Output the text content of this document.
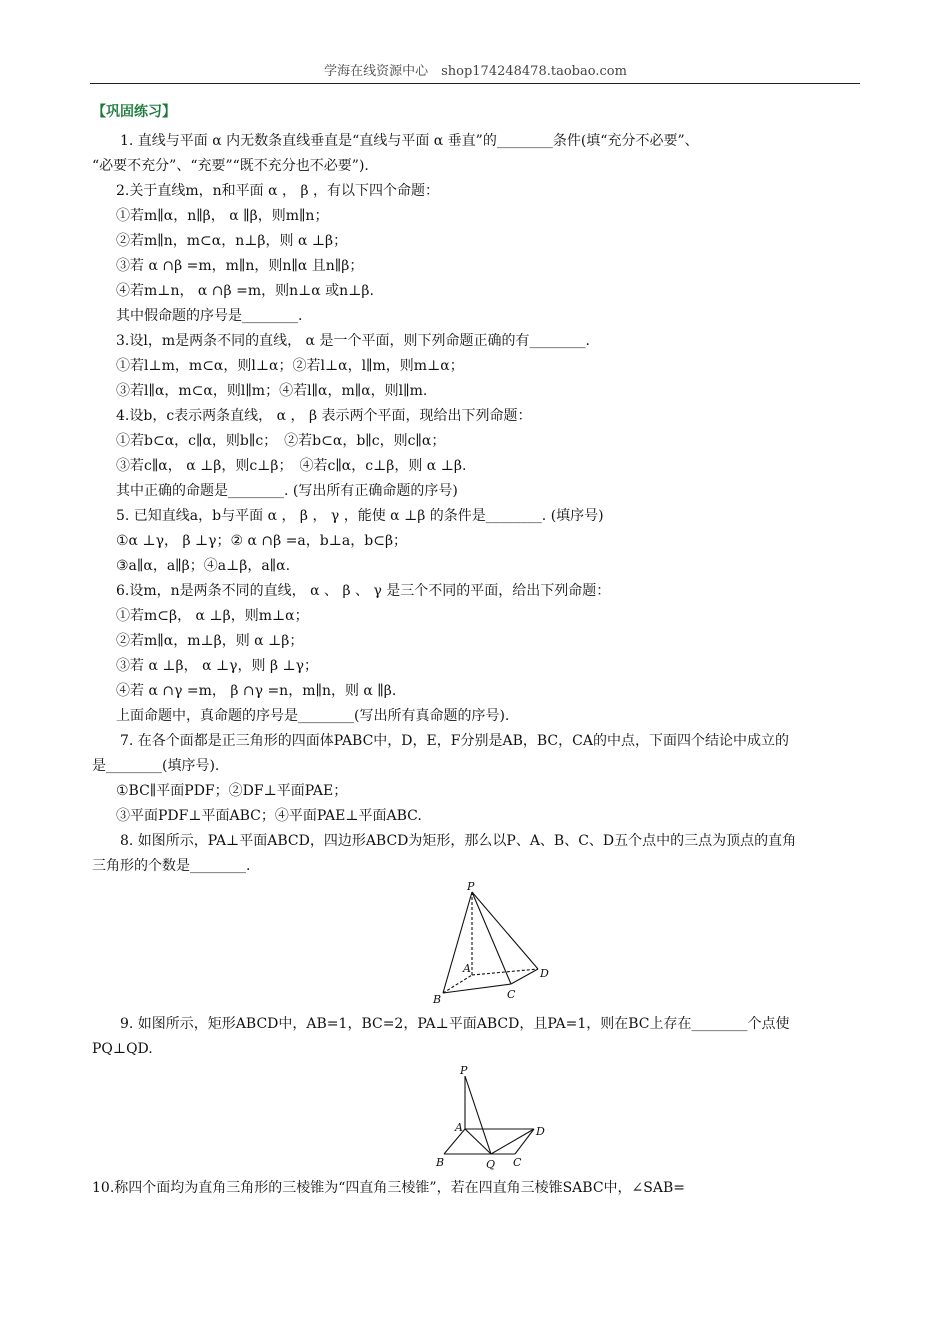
学海在线资源中心　shop174248478.taobao.com
【巩固练习】
1. 直线与平面 α 内无数条直线垂直是“直线与平面 α 垂直”的________条件(填“充分不必要”、
“必要不充分”、“充要”“既不充分也不必要”).
2.关于直线m，n和平面 α ， β ，有以下四个命题：
①若m∥α，n∥β， α ∥β，则m∥n；
②若m∥n，m⊂α，n⊥β，则 α ⊥β；
③若 α ∩β =m，m∥n，则n∥α 且n∥β；
④若m⊥n， α ∩β =m，则n⊥α 或n⊥β.
其中假命题的序号是________.
3.设l，m是两条不同的直线， α 是一个平面，则下列命题正确的有________.
①若l⊥m，m⊂α，则l⊥α；②若l⊥α，l∥m，则m⊥α；
③若l∥α，m⊂α，则l∥m；④若l∥α，m∥α，则l∥m.
4.设b，c表示两条直线， α ， β 表示两个平面，现给出下列命题：
①若b⊂α，c∥α，则b∥c；　②若b⊂α，b∥c，则c∥α；
③若c∥α， α ⊥β，则c⊥β；　④若c∥α，c⊥β，则 α ⊥β.
其中正确的命题是________. (写出所有正确命题的序号)
5. 已知直线a，b与平面 α ， β ， γ ，能使 α ⊥β 的条件是________. (填序号)
①α ⊥γ， β ⊥γ；② α ∩β =a，b⊥a，b⊂β；
③a∥α，a∥β；④a⊥β，a∥α.
6.设m，n是两条不同的直线， α 、 β 、 γ 是三个不同的平面，给出下列命题：
①若m⊂β， α ⊥β，则m⊥α；
②若m∥α，m⊥β，则 α ⊥β；
③若 α ⊥β， α ⊥γ，则 β ⊥γ；
④若 α ∩γ =m， β ∩γ =n，m∥n，则 α ∥β.
上面命题中，真命题的序号是________(写出所有真命题的序号).
7. 在各个面都是正三角形的四面体PABC中，D，E，F分别是AB，BC，CA的中点，下面四个结论中成立的
是________(填序号).
①BC∥平面PDF；②DF⊥平面PAE；
③平面PDF⊥平面ABC；④平面PAE⊥平面ABC.
8. 如图所示，PA⊥平面ABCD，四边形ABCD为矩形，那么以P、A、B、C、D五个点中的三点为顶点的直角
三角形的个数是________.
9. 如图所示，矩形ABCD中，AB=1，BC=2，PA⊥平面ABCD，且PA=1，则在BC上存在________个点使
PQ⊥QD.
10.称四个面均为直角三角形的三棱锥为“四直角三棱锥”，若在四直角三棱锥SABC中，∠SAB=
P
A
B	C
D
P
A
B	Q C
D
